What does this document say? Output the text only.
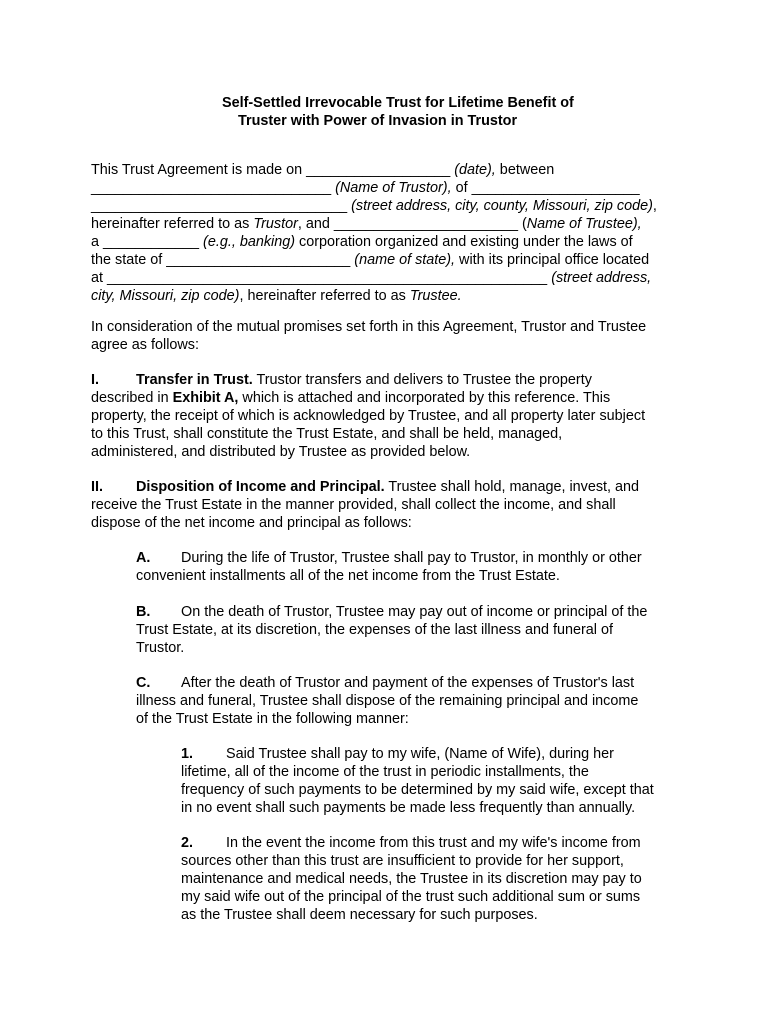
Self-Settled Irrevocable Trust for Lifetime Benefit of
Truster with Power of Invasion in Trustor
This Trust Agreement is made on __________________ (date), between
______________________________ (Name of Trustor), of _____________________
________________________________ (street address, city, county, Missouri, zip code),
hereinafter referred to as Trustor, and _______________________ (Name of Trustee),
a ____________ (e.g., banking) corporation organized and existing under the laws of
the state of _______________________ (name of state), with its principal office located
at _______________________________________________________ (street address,
city, Missouri, zip code), hereinafter referred to as Trustee.
In consideration of the mutual promises set forth in this Agreement, Trustor and Trustee
agree as follows:
I.	Transfer in Trust. Trustor transfers and delivers to Trustee the property
described in Exhibit A, which is attached and incorporated by this reference. This
property, the receipt of which is acknowledged by Trustee, and all property later subject
to this Trust, shall constitute the Trust Estate, and shall be held, managed,
administered, and distributed by Trustee as provided below.
II. Disposition of Income and Principal. Trustee shall hold, manage, invest, and
receive the Trust Estate in the manner provided, shall collect the income, and shall
dispose of the net income and principal as follows:
A. During the life of Trustor, Trustee shall pay to Trustor, in monthly or other
convenient installments all of the net income from the Trust Estate.
B. On the death of Trustor, Trustee may pay out of income or principal of the
Trust Estate, at its discretion, the expenses of the last illness and funeral of
Trustor.
C. After the death of Trustor and payment of the expenses of Trustor's last
illness and funeral, Trustee shall dispose of the remaining principal and income
of the Trust Estate in the following manner:
1. Said Trustee shall pay to my wife, (Name of Wife), during her
lifetime, all of the income of the trust in periodic installments, the
frequency of such payments to be determined by my said wife, except that
in no event shall such payments be made less frequently than annually.
2. In the event the income from this trust and my wife's income from
sources other than this trust are insufficient to provide for her support,
maintenance and medical needs, the Trustee in its discretion may pay to
my said wife out of the principal of the trust such additional sum or sums
as the Trustee shall deem necessary for such purposes.
